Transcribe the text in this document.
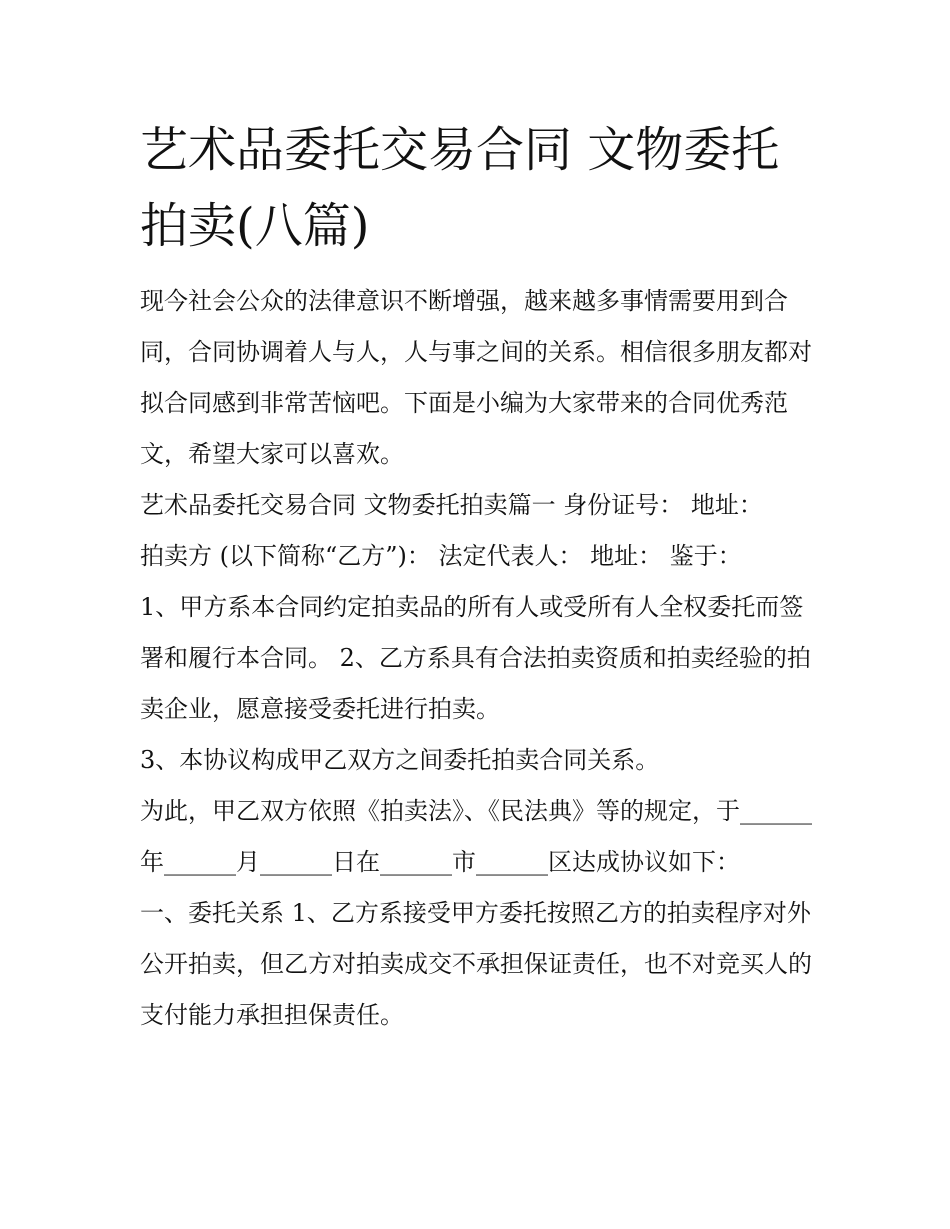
艺术品委托交易合同 文物委托拍卖(八篇)

现今社会公众的法律意识不断增强，越来越多事情需要用到合同，合同协调着人与人，人与事之间的关系。相信很多朋友都对拟合同感到非常苦恼吧。下面是小编为大家带来的合同优秀范文，希望大家可以喜欢。

艺术品委托交易合同 文物委托拍卖篇一 身份证号： 地址：

拍卖方 (以下简称“乙方”)： 法定代表人： 地址： 鉴于：

1、甲方系本合同约定拍卖品的所有人或受所有人全权委托而签署和履行本合同。 2、乙方系具有合法拍卖资质和拍卖经验的拍卖企业，愿意接受委托进行拍卖。

3、本协议构成甲乙双方之间委托拍卖合同关系。

为此，甲乙双方依照《拍卖法》、《民法典》等的规定，于______年______月______日在______市______区达成协议如下：

一、委托关系 1、乙方系接受甲方委托按照乙方的拍卖程序对外公开拍卖，但乙方对拍卖成交不承担保证责任，也不对竞买人的支付能力承担担保责任。
